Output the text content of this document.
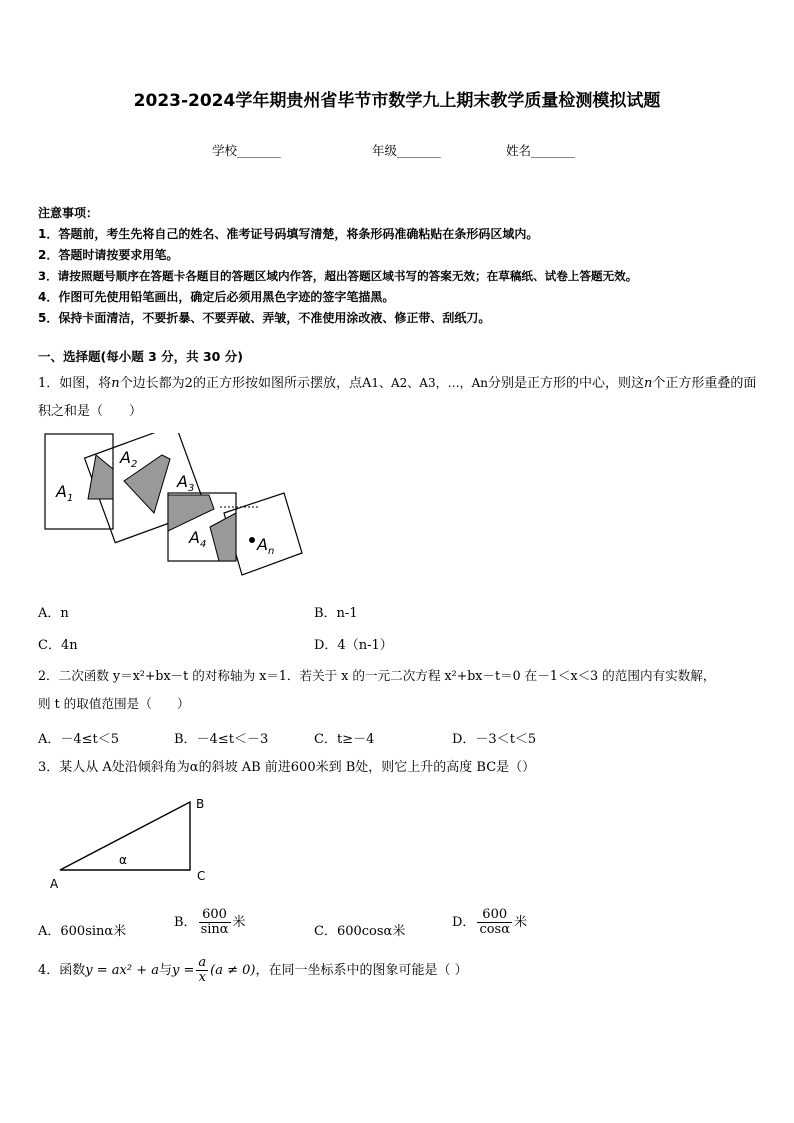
2023-2024学年期贵州省毕节市数学九上期末教学质量检测模拟试题
学校_______	年级_______	姓名_______
注意事项：
1．答题前，考生先将自己的姓名、准考证号码填写清楚，将条形码准确粘贴在条形码区域内。
2．答题时请按要求用笔。
3．请按照题号顺序在答题卡各题目的答题区域内作答，超出答题区域书写的答案无效；在草稿纸、试卷上答题无效。
4．作图可先使用铅笔画出，确定后必须用黑色字迹的签字笔描黑。
5．保持卡面清洁，不要折暴、不要弄破、弄皱，不准使用涂改液、修正带、刮纸刀。
一、选择题(每小题 3 分，共 30 分)
1．如图，将n个边长都为2的正方形按如图所示摆放，点A1、A2、A3，…，An分别是正方形的中心，则这n个正方形重叠的面积之和是（　　）
$A_1$
$A_2$
$A_3$
$A_4$	$A_n$
A．n	B．n-1
C．4n	D．4（n-1）
2．二次函数 y＝x²+bx－t 的对称轴为 x＝1．若关于 x 的一元二次方程 x²+bx－t＝0 在－1＜x＜3 的范围内有实数解，
则 t 的取值范围是（　　）
A．－4≤t＜5	B．－4≤t＜－3	C．t≥－4	D．－3＜t＜5
3．某人从 A处沿倾斜角为α的斜坡 AB 前进600米到 B处，则它上升的高度 BC是（）
A
B
C
α
A．600sinα米
B． $\frac{600}{\sin\alpha}$ 米
C．600cosα米
D． $\frac{600}{\cos\alpha}$ 米
4．函数y = ax² + a与$y = \frac{a}{x} (a \ne 0)$，在同一坐标系中的图象可能是（ ）
